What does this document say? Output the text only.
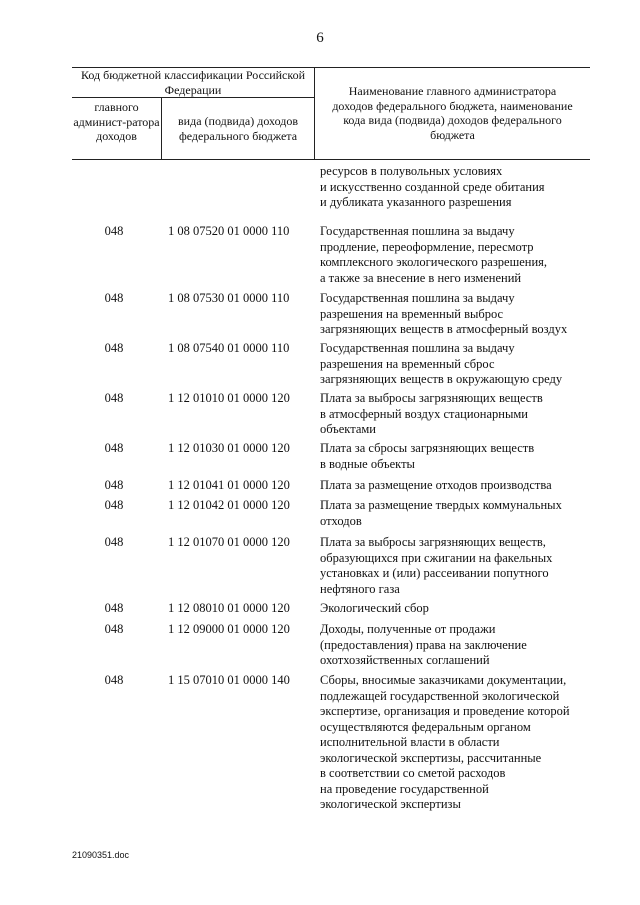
6
Код бюджетной классификации Российской Федерации
главного админист-ратора доходов
вида (подвида) доходов федерального бюджета
Наименование главного администратора доходов федерального бюджета, наименование кода вида (подвида) доходов федерального бюджета
ресурсов в полувольных условиях
и искусственно созданной среде обитания
и дубликата указанного разрешения
048	1 08 07520 01 0000 110	Государственная пошлина за выдачу
продление, переоформление, пересмотр
комплексного экологического разрешения,
а также за внесение в него изменений
048	1 08 07530 01 0000 110	Государственная пошлина за выдачу
разрешения на временный выброс
загрязняющих веществ в атмосферный воздух
048	1 08 07540 01 0000 110	Государственная пошлина за выдачу
разрешения на временный сброс
загрязняющих веществ в окружающую среду
048	1 12 01010 01 0000 120	Плата за выбросы загрязняющих веществ
в атмосферный воздух стационарными
объектами
048	1 12 01030 01 0000 120	Плата за сбросы загрязняющих веществ
в водные объекты
048	1 12 01041 01 0000 120	Плата за размещение отходов производства
048	1 12 01042 01 0000 120	Плата за размещение твердых коммунальных
отходов
048	1 12 01070 01 0000 120	Плата за выбросы загрязняющих веществ,
образующихся при сжигании на факельных
установках и (или) рассеивании попутного
нефтяного газа
048	1 12 08010 01 0000 120	Экологический сбор
048	1 12 09000 01 0000 120	Доходы, полученные от продажи
(предоставления) права на заключение
охотхозяйственных соглашений
048	1 15 07010 01 0000 140	Сборы, вносимые заказчиками документации,
подлежащей государственной экологической
экспертизе, организация и проведение которой
осуществляются федеральным органом
исполнительной власти в области
экологической экспертизы, рассчитанные
в соответствии со сметой расходов
на проведение государственной
экологической экспертизы
21090351.doc
